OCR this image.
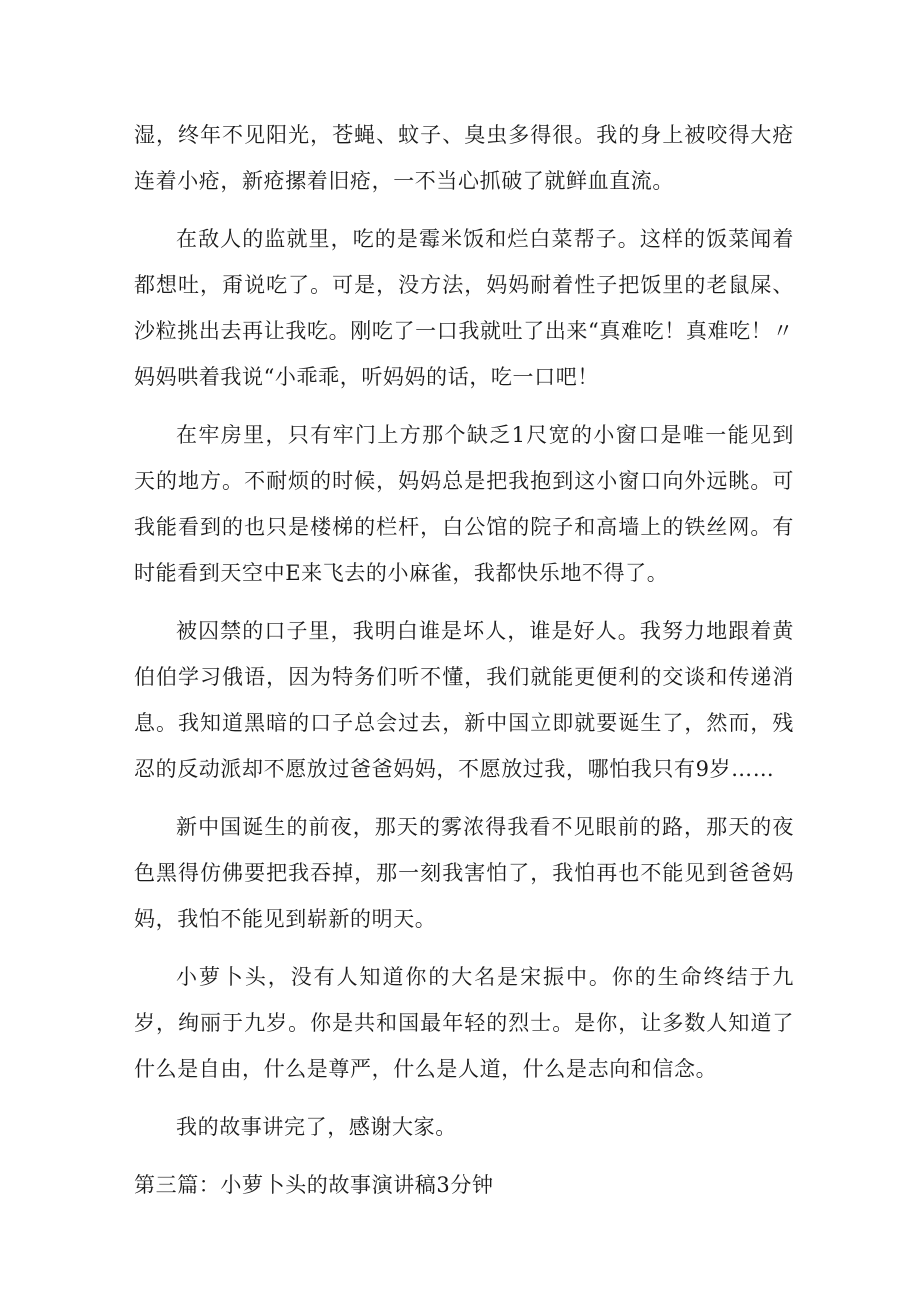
湿，终年不见阳光，苍蝇、蚊子、臭虫多得很。我的身上被咬得大疮连着小疮，新疮摞着旧疮，一不当心抓破了就鲜血直流。

在敌人的监就里，吃的是霉米饭和烂白菜帮子。这样的饭菜闻着都想吐，甭说吃了。可是，没方法，妈妈耐着性子把饭里的老鼠屎、沙粒挑出去再让我吃。刚吃了一口我就吐了出来“真难吃！真难吃！〃妈妈哄着我说“小乖乖，听妈妈的话，吃一口吧！

在牢房里，只有牢门上方那个缺乏1尺宽的小窗口是唯一能见到天的地方。不耐烦的时候，妈妈总是把我抱到这小窗口向外远眺。可我能看到的也只是楼梯的栏杆，白公馆的院子和高墙上的铁丝网。有时能看到天空中E来飞去的小麻雀，我都快乐地不得了。

被囚禁的口子里，我明白谁是坏人，谁是好人。我努力地跟着黄伯伯学习俄语，因为特务们听不懂，我们就能更便利的交谈和传递消息。我知道黑暗的口子总会过去，新中国立即就要诞生了，然而，残忍的反动派却不愿放过爸爸妈妈，不愿放过我，哪怕我只有9岁……

新中国诞生的前夜，那天的雾浓得我看不见眼前的路，那天的夜色黑得仿佛要把我吞掉，那一刻我害怕了，我怕再也不能见到爸爸妈妈，我怕不能见到崭新的明天。

小萝卜头，没有人知道你的大名是宋振中。你的生命终结于九岁，绚丽于九岁。你是共和国最年轻的烈士。是你，让多数人知道了什么是自由，什么是尊严，什么是人道，什么是志向和信念。

我的故事讲完了，感谢大家。

第三篇：小萝卜头的故事演讲稿3分钟
